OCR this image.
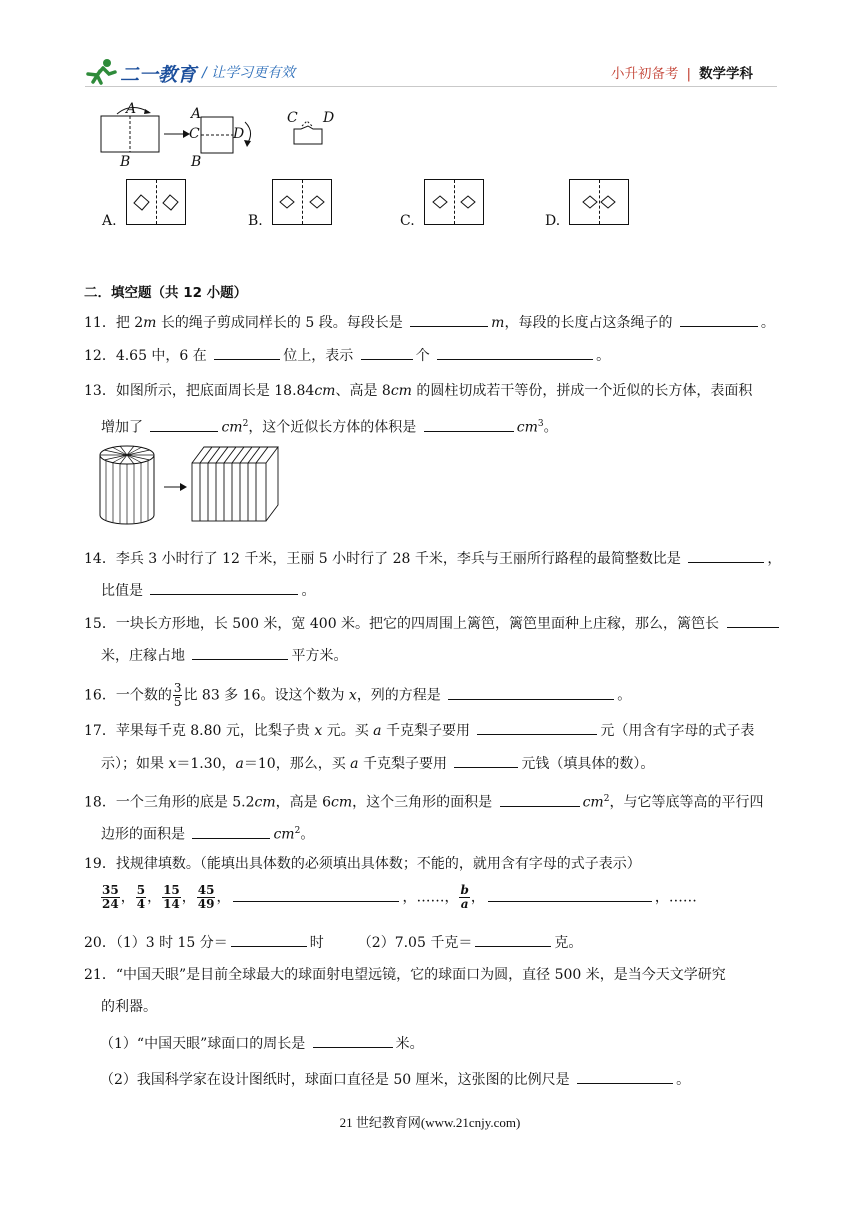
二一教育 / 让学习更有效	小升初备考 | 数学学科
A
B
A
C D
B
C D
A.	B.	C.	D.
二．填空题（共 12 小题）
11．把 2m 长的绳子剪成同样长的 5 段。每段长是	m，每段的长度占这条绳子的	。
12．4.65 中，6 在	位上，表示	个	。
13．如图所示，把底面周长是 18.84cm、高是 8cm 的圆柱切成若干等份，拼成一个近似的长方体，表面积
增加了	$cm^2$，这个近似长方体的体积是	$cm^3$。
14．李兵 3 小时行了 12 千米，王丽 5 小时行了 28 千米，李兵与王丽所行路程的最简整数比是	，
比值是	。
15．一块长方形地，长 500 米，宽 400 米。把它的四周围上篱笆，篱笆里面种上庄稼，那么，篱笆长
米，庄稼占地	平方米。
16．一个数的 $\frac{3}{5}$ 比 83 多 16。设这个数为 x，列的方程是	。
17．苹果每千克 8.80 元，比梨子贵 x 元。买 a 千克梨子要用	元（用含有字母的式子表
示）；如果 x＝1.30，a＝10，那么，买 a 千克梨子要用	元钱（填具体的数）。
18．一个三角形的底是 5.2cm，高是 6cm，这个三角形的面积是	$cm^2$，与它等底等高的平行四
边形的面积是	$cm^2$。
19．找规律填数。（能填出具体数的必须填出具体数；不能的，就用含有字母的式子表示）
$\frac{35}{24}$ ， $\frac{5}{4}$ ， $\frac{15}{14}$ ， $\frac{45}{49}$ ，	，……， $\frac{b}{a}$ ，	，……
20．（1）3 时 15 分＝	时 （2）7.05 千克＝	克。
21．“中国天眼”是目前全球最大的球面射电望远镜，它的球面口为圆，直径 500 米，是当今天文学研究
的利器。
（1）“中国天眼”球面口的周长是	米。
（2）我国科学家在设计图纸时，球面口直径是 50 厘米，这张图的比例尺是	。
21 世纪教育网(www.21cnjy.com)
